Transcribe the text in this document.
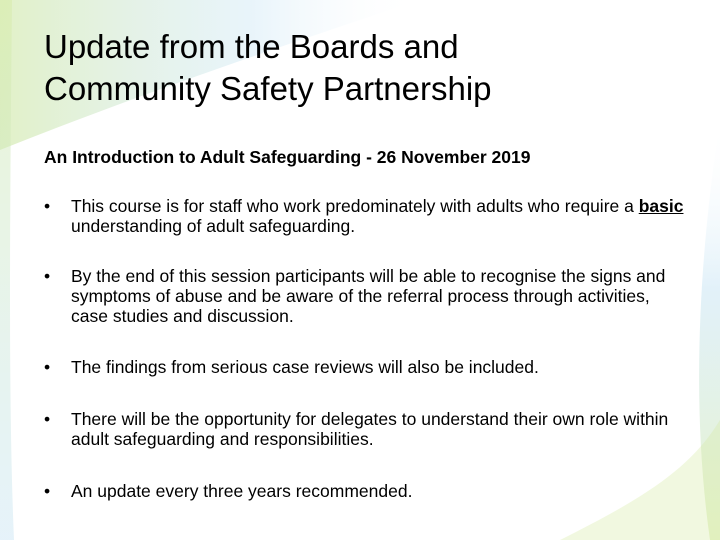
Update from the Boards and
Community Safety Partnership

An Introduction to Adult Safeguarding - 26 November 2019

• This course is for staff who work predominately with adults who require a basic understanding of adult safeguarding.
• By the end of this session participants will be able to recognise the signs and symptoms of abuse and be aware of the referral process through activities, case studies and discussion.
• The findings from serious case reviews will also be included.
• There will be the opportunity for delegates to understand their own role within adult safeguarding and responsibilities.
• An update every three years recommended.
